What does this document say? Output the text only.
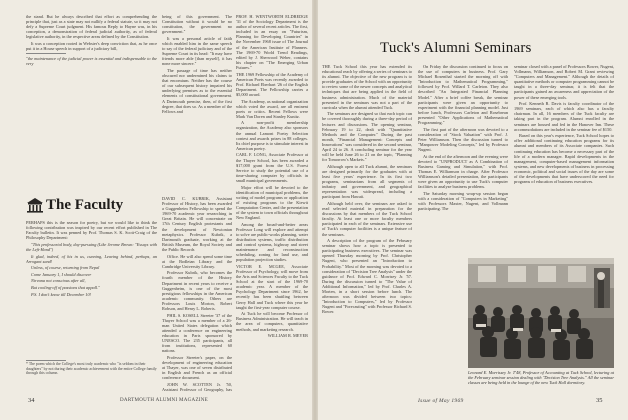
the stand. But he always described that effort as comprehending the principle that, just as a state may not nullify a federal statute, so it may not defy a Supreme Court judgment. His famous Reply to Hayne was, in his conception, a demonstration of federal judicial authority, as of federal legislative authority, in the respective areas defined by the Constitution.

It was a conception rooted in Webster's deep conviction that, as he once put it in a House speech in support of a judiciary bill,

"the maintenance of the judicial power is essential and indispensable to the very

being of this government. The Constitution without it would be no constitution, the government no government."

It was a personal article of faith which enabled him in the same speech to say of the federal judiciary and of the Supreme Court in its head: "It may have friends more able [than myself], it has none more sincere."

The passage of time has neither obscured nor undermined his claims to that encomium. Neither has the course of our subsequent history impaired his underlying premises as to the essential elements of constitutional government. A Dartmouth premise, then, of the first degree, that does so. As a member of the Fellows and

The Faculty

PERHAPS this is the season for poetry, but we would like to think the following contribution was inspired by our recent effort published in The Faculty bulletin. It was penned by Prof. Thomas S. K. Scott-Craig of the Philosophy Department:

"This professorial body, day-pursuing (Like Jerome Brown: "Essays with the Left-Hand")

It glad, indeed, of his in us, cunning, Leaving behind, perhaps, an Arrogant sand!

Unless, of course, returning from Nepal

Come January 1, I should discover

Nirvana not conscious after all,

But cooling-off of passions that appall."

P.S. I don't know till December 10!

* The poem which the College's most truly academic who "is seldom in their daughters" by not during their academic achievement with the entire College family through this column.

DAVID C. KUBRIK, Assistant Professor of History, has been awarded a Guggenheim Fellowship to spend the 1969-70 academic year researching in Great Britain. He will concentrate on 17th Century English protestants and the development of Newtonian metaphysics. Professor Kubrik, a Dartmouth graduate, working at the British Museum, the Royal Society and the Public Records

Office. He will also spend some time at the Bodleian Library and the Cambridge University Library.

Professor Kubrik, who becomes the fourth member of the History Department in recent years to receive a Guggenheim, is one of the most prestigious fellowships in the American academic community. Others are Professors Louis Morton, Robert Robson, and Henry L. Roberts.

PHIL S. KOSELL Streeter '37 of the Thayer School was a member of a 26-man United States delegation which attended a conference on engineering education in Paris sponsored by UNESCO. The 235 participants, all from institutions, represented 60 nations.

Professor Streeter's paper, on the development of engineering education at Thayer, was one of seven distributed in English and French as an official conference document.

JOHN W. SCOTTEN Jr. '50, Assistant Professor of Geography, has

PROF. H. WENTWORTH ELDREDGE '31 of the Sociology Department is the author of several recent articles. The first, included in an essay on "Futurism, Planning for Developing Countries" in the November 1968 issue of The Journal of the American Institute of Planners. The 1969-70 World Trend Readings, edited by J. Sherwood Weber, contains his chapter on "The Emerging Urban Futures."

THE 1969 Fellowship of the Academy of American Poets was recently awarded to Prof. Richard Eberhart '26 of the English Department. The Fellowship carries a $5,000 award.

The Academy, as national organization which voted the award, are all eminent poets or critics. Recent Fellows were Mark Van Doren and Stanley Kunitz.

A non-profit membership organization, the Academy also sponsors the annual Lamont Poetry Selection contest and awards prizes in 88 colleges. Its chief purpose is to stimulate interest in American poetry.

CARL F. LONG, Associate Professor at the Thayer School, has been awarded a $17,000 grant from the U.S. Forest Service to study the potential use of a time-sharing computer by officials in small municipal governments.

Major effort will be devoted to the identification of municipal problems, the writing of model programs or application of existing programs to the Kiewit Computation Center, and the presentation of the system to town officials throughout New England.

Among the broad-and-better areas Professor Long will explore and attempt to solve are public-works planning, water distribution systems, traffic distribution and control systems, highway and street maintenance and reconstruction scheduling, zoning for land use, and population projection studies.

VICTOR E. MCGEE, Associate Professor of Psychology, will move from the Arts and Sciences Faculty to the Tuck School at the start of the 1969-70 academic year. A member of the Psychology Department since 1962, he recently has been shuttling between Gerry Hall and Tuck where this year he taught the first-year computer course.

At Tuck he will become Professor of Business Administration. He will teach in the area of computers, quantitative methods, and marketing research.

WILLIAM R. MEYER

34	DARTMOUTH ALUMNI MAGAZINE
Tuck's Alumni Seminars

THE Tuck School this year has extended its educational reach by offering a series of seminars to its alumni. The objective of the new program is to provide graduates of the School with an opportunity to review some of the newer concepts and analytical techniques that are being applied in the field of business administration. Much of the material presented in the seminars was not a part of the curricula when the alumni attended Tuck.

The seminars are designed so that each topic can be covered thoroughly during a three-day period of lectures and discussions. The opening seminar, February 19 to 22, dealt with "Quantitative Methods and the Computer." During the past month, "Financial Management: Concepts and Innovations" was considered in the second seminar, April 24 to 26. A concluding seminar for the year will be held June 26 to 21 on the topic, "Planning for Tomorrow's Markets."

Although open to all Tuck alumni, the seminars are designed primarily for the graduates with at least five years' experience. In its first two programs, seminarians from all segments of industry and government, and geographical representation was widespread, including a participant from Hawaii.

Although held over, the seminars are asked to read selected material in preparation for the discussions by that members of the Tuck School faculty. At least one or more faculty members participated in each of the seminars. Extensive use of Tuck's computer facilities is a unique feature of the seminars.

A description of the program of the February seminar shows how a topic is presented to participating business executives. The seminar was opened Thursday morning by Prof. Christopher Nugent, who presented an "Introduction to Probability." Most of the morning was devoted to a consideration of "Decision Tree Analysis" under the guidance of Prof. Edward C. Morrisey Jr. '57. During the discussion turned to "The Value of Additional Information," led by Prof. Charles A. Morten, in a short session before lunch. The afternoon was divided between two topics: "Introduction to Computers," led by Professor Nugent and "Forecasting" with Professor Richard S. Bower.

On Friday the discussion continued to focus on the use of computers in business. Prof. Gary Michael Rosenthal started the morning off with "Introduction to Mathematical Programming," followed by Prof. Willard T. Carleton. They also described "An Integrated Financial Planning Model." After a brief coffee break, the seminar participants were given an opportunity to experiment with the financial planning model. Just before lunch, Professors Carleton and Rosebrean presented "Other Applications of Mathematical Programming."

The first part of the afternoon was devoted to a consideration of "Stock Valuation" with Prof. J. Peter Williamson. Then the discussion turned to "Manpower Modeling Concepts," led by Professor Nugent.

At the end of the afternoon and the evening were devoted to "UNPRODUCT as A Combination of Business Gaming and Simulation," with Prof. Thomas E. Williamson in charge. After Professor Williamson's detailed presentation, the participants were given an opportunity to use Tuck's computer facilities to analyze business problems.

The Saturday morning wrap-up session began with a consideration of "Computers in Marketing" with Professors Maxter, Nugent, and Vollmann participating. The

seminar closed with a panel of Professors Bower, Nugent, Vollmann, Williamson, and Robert M. Grant reviewing "Computers and Management." Although the details of quantitative methods or computer programming cannot be taught in a three-day seminar, it is felt that the participants gained an awareness and appreciation of the power of these emerging tools.

Prof. Kenneth R. Davis is faculty coordinator of the 1969 seminars, each of which also has a faculty chairman. In all, 16 members of the Tuck faculty are taking part in the program. Alumni enrolled in the seminars are housed and fed in the Hanover Inn. These accommodations are included in the seminar fee of $150.

Based on this year's experience, Tuck School hopes to offer additional continuing education programs for its alumni and members of its Associate companies. Such continuing education has become a necessary part of the life of a modern manager. Rapid developments in the management, computer-based management information systems, and new developments of business in processing economic, political and social issues of the day are some of the developments that have underscored the need for programs of education of business executives.

Leonard E. Morrissey Jr. T'48, Professor of Accounting at Tuck School, lecturing at the February seminar session dealing with "Decision Tree Analysis." All the seminar classes are being held in the lounge of the new Tuck Hall dormitory.
Issue of May 1969	35
